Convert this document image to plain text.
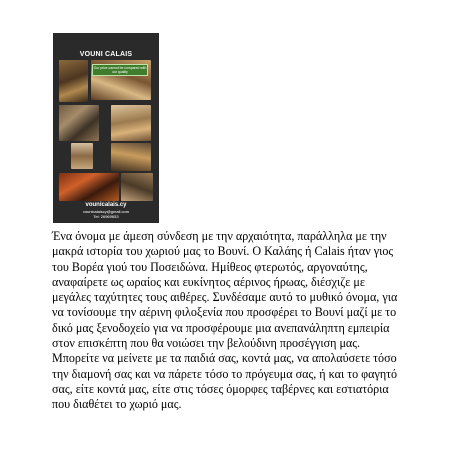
VOUNI CALAIS
Our price cannot be compared with our quality
vounicalais.cy
vounicalaiscy@gmail.com
Tel: 26969653

Ένα όνομα με άμεση σύνδεση με την αρχαιότητα, παράλληλα με την μακρά ιστορία του χωριού μας το Βουνί. Ο Καλάης ή Calais ήταν γιος του Βορέα γιού του Ποσειδώνα. Ημίθεος φτερωτός, αργοναύτης, αναφαίρετε ως ωραίος και ευκίνητος αέρινος ήρωας, διέσχιζε με μεγάλες ταχύτητες τους αιθέρες. Συνδέσαμε αυτό το μυθικό όνομα, για να τονίσουμε την αέρινη φιλοξενία που προσφέρει το Βουνί μαζί με το δικό μας ξενοδοχείο για να προσφέρουμε μια ανεπανάληπτη εμπειρία στον επισκέπτη που θα νοιώσει την βελούδινη προσέγγιση μας.

Μπορείτε να μείνετε με τα παιδιά σας, κοντά μας, να απολαύσετε τόσο την διαμονή σας και να πάρετε τόσο το πρόγευμα σας, ή και το φαγητό σας, είτε κοντά μας, είτε στις τόσες όμορφες ταβέρνες και εστιατόρια που διαθέτει το χωριό μας.
